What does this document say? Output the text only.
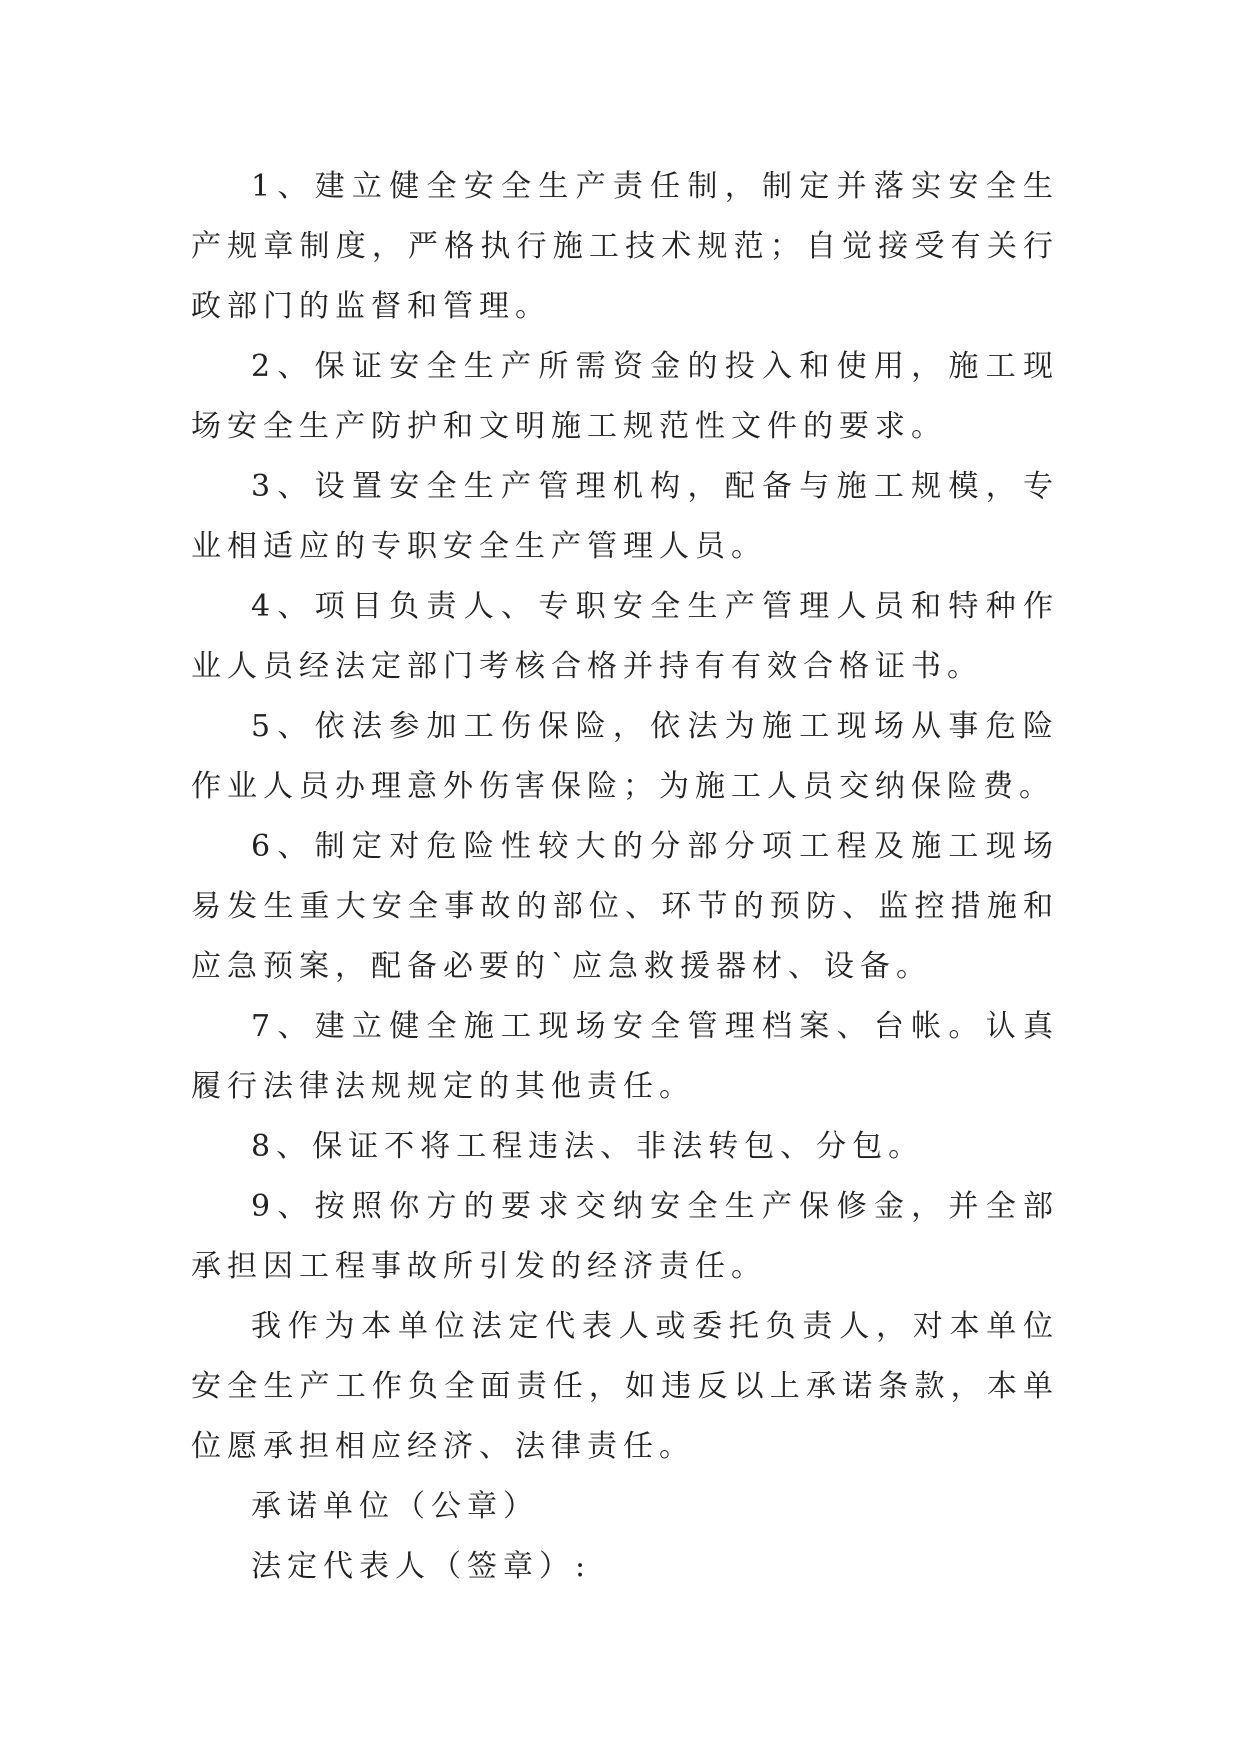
1、建立健全安全生产责任制，制定并落实安全生产规章制度，严格执行施工技术规范；自觉接受有关行政部门的监督和管理。

2、保证安全生产所需资金的投入和使用，施工现场安全生产防护和文明施工规范性文件的要求。

3、设置安全生产管理机构，配备与施工规模，专业相适应的专职安全生产管理人员。

4、项目负责人、专职安全生产管理人员和特种作业人员经法定部门考核合格并持有有效合格证书。

5、依法参加工伤保险，依法为施工现场从事危险作业人员办理意外伤害保险；为施工人员交纳保险费。

6、制定对危险性较大的分部分项工程及施工现场易发生重大安全事故的部位、环节的预防、监控措施和应急预案，配备必要的`应急救援器材、设备。

7、建立健全施工现场安全管理档案、台帐。认真履行法律法规规定的其他责任。

8、保证不将工程违法、非法转包、分包。

9、按照你方的要求交纳安全生产保修金，并全部承担因工程事故所引发的经济责任。

我作为本单位法定代表人或委托负责人，对本单位安全生产工作负全面责任，如违反以上承诺条款，本单位愿承担相应经济、法律责任。

承诺单位（公章）

法定代表人（签章）:
